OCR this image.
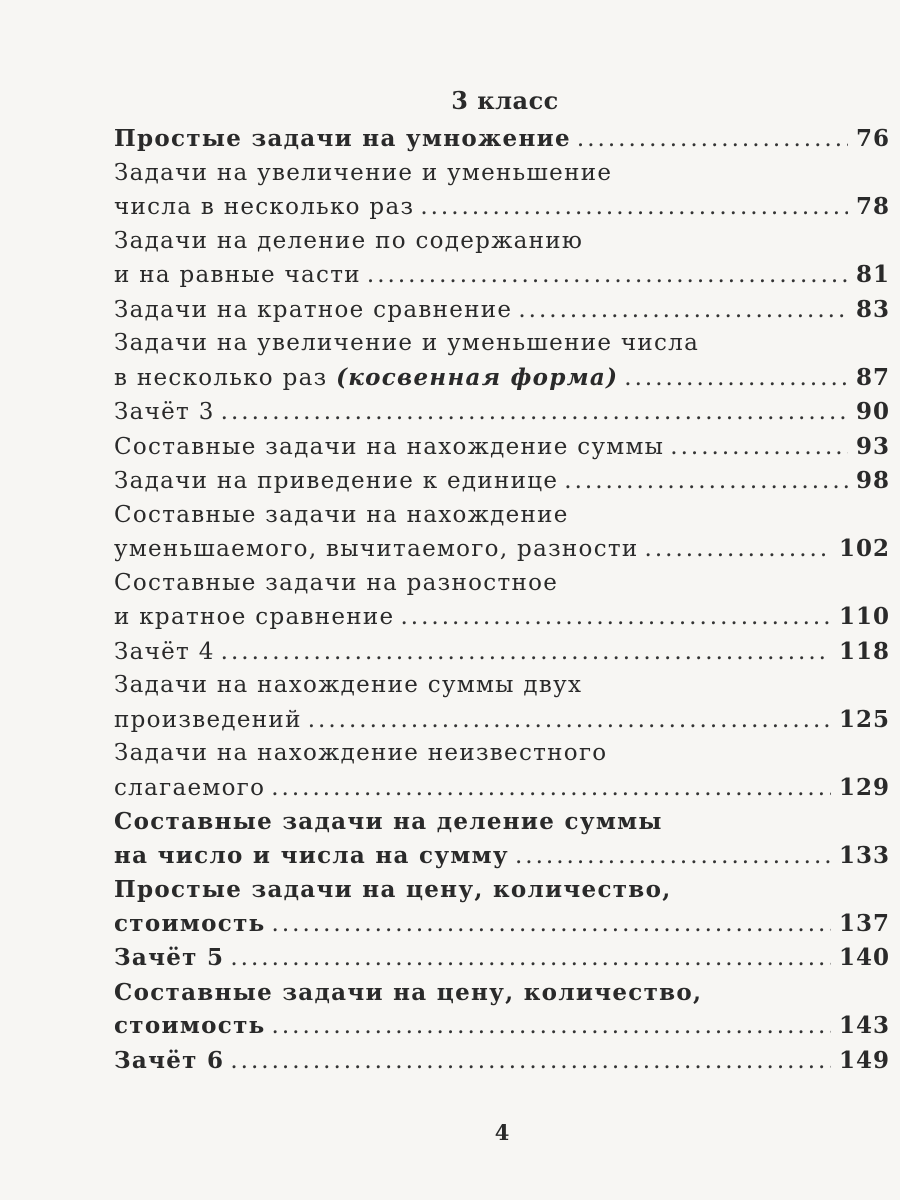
3 класс
Простые задачи на умножение .....	76
Задачи на увеличение и уменьшение
числа в несколько раз .....	78
Задачи на деление по содержанию
и на равные части .....	81
Задачи на кратное сравнение .....	83
Задачи на увеличение и уменьшение числа
в несколько раз (косвенная форма) .....	87
Зачёт 3 .....	90
Составные задачи на нахождение суммы .....	93
Задачи на приведение к единице .....	98
Составные задачи на нахождение
уменьшаемого, вычитаемого, разности .....	102
Составные задачи на разностное
и кратное сравнение .....	110
Зачёт 4 .....	118
Задачи на нахождение суммы двух
произведений .....	125
Задачи на нахождение неизвестного
слагаемого .....	129
Составные задачи на деление суммы
на число и числа на сумму .....	133
Простые задачи на цену, количество,
стоимость .....	137
Зачёт 5 .....	140
Составные задачи на цену, количество,
стоимость .....	143
Зачёт 6 .....	149
4
